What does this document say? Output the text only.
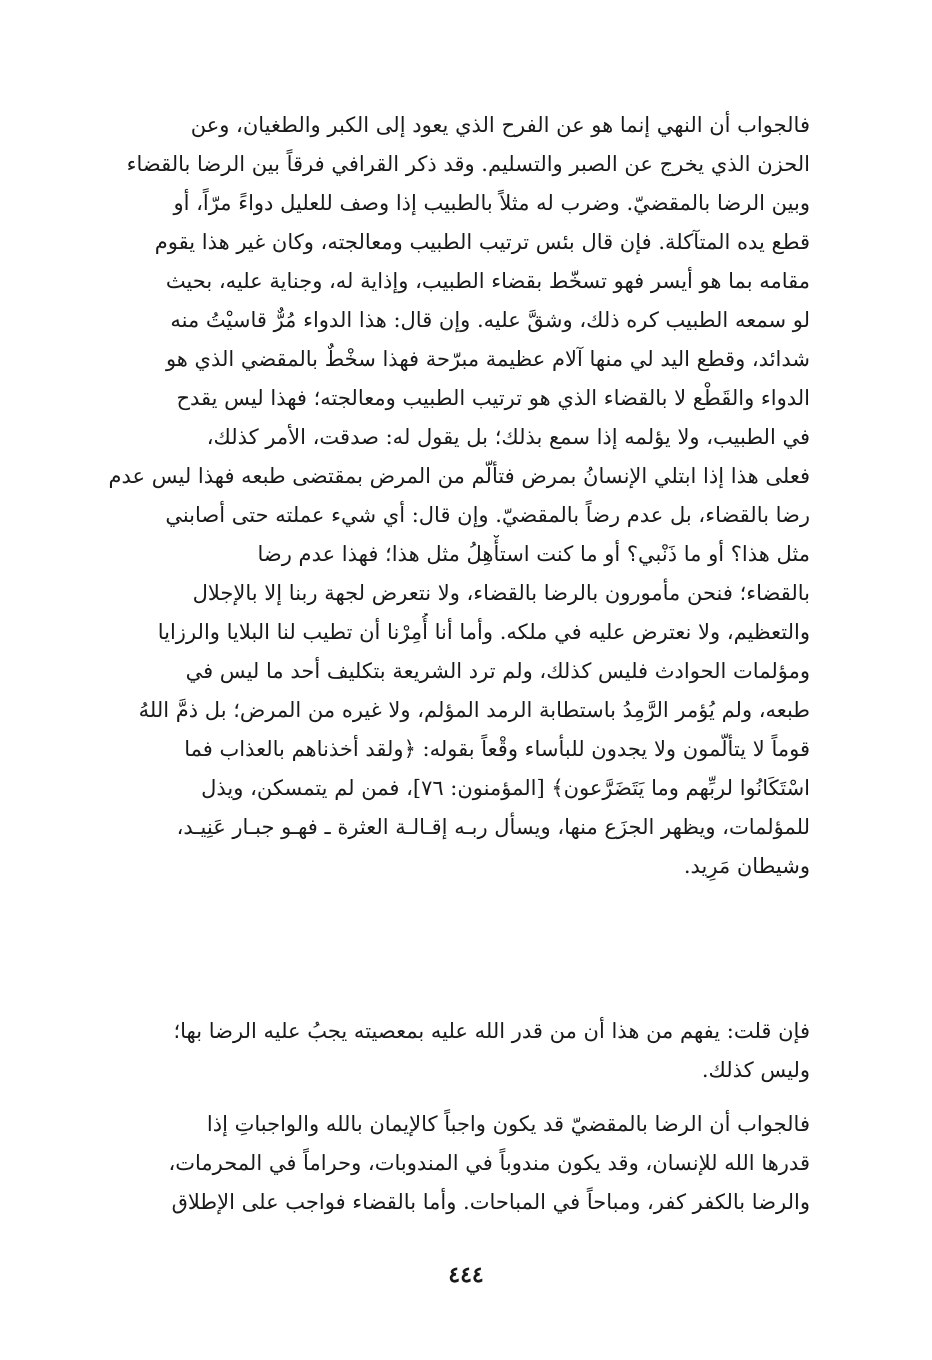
فالجواب أن النهي إنما هو عن الفرح الذي يعود إلى الكبر والطغيان، وعن
الحزن الذي يخرج عن الصبر والتسليم. وقد ذكر القرافي فرقاً بين الرضا بالقضاء
وبين الرضا بالمقضيّ. وضرب له مثلاً بالطبيب إذا وصف للعليل دواءً مرّاً، أو
قطع يده المتآكلة. فإن قال بئس ترتيب الطبيب ومعالجته، وكان غير هذا يقوم
مقامه بما هو أيسر فهو تسخّط بقضاء الطبيب، وإذاية له، وجناية عليه، بحيث
لو سمعه الطبيب كره ذلك، وشقَّ عليه. وإن قال: هذا الدواء مُرٌّ قاسيْتُ منه
شدائد، وقطع اليد لي منها آلام عظيمة مبرّحة فهذا سخْطٌ بالمقضي الذي هو
الدواء والقَطْع لا بالقضاء الذي هو ترتيب الطبيب ومعالجته؛ فهذا ليس يقدح
في الطبيب، ولا يؤلمه إذا سمع بذلك؛ بل يقول له: صدقت، الأمر كذلك،
فعلى هذا إذا ابتلي الإنسانُ بمرض فتألّم من المرض بمقتضى طبعه فهذا ليس عدم
رضا بالقضاء، بل عدم رضاً بالمقضيّ. وإن قال: أي شيء عملته حتى أصابني
مثل هذا؟ أو ما ذَنْبي؟ أو ما كنت استأْهِلُ مثل هذا؛ فهذا عدم رضا
بالقضاء؛ فنحن مأمورون بالرضا بالقضاء، ولا نتعرض لجهة ربنا إلا بالإجلال
والتعظيم، ولا نعترض عليه في ملكه. وأما أنا أُمِرْنا أن تطيب لنا البلايا والرزايا
ومؤلمات الحوادث فليس كذلك، ولم ترد الشريعة بتكليف أحد ما ليس في
طبعه، ولم يُؤمر الرَّمِدُ باستطابة الرمد المؤلم، ولا غيره من المرض؛ بل ذمَّ اللهُ
قوماً لا يتألّمون ولا يجدون للبأساء وقْعاً بقوله: ﴿ولقد أخذناهم بالعذاب فما
اسْتَكَانُوا لربِّهم وما يَتَضَرَّعون﴾ [المؤمنون: ٧٦]، فمن لم يتمسكن، ويذل
للمؤلمات، ويظهر الجزَع منها، ويسأل ربـه إقـالـة العثرة ـ فهـو جبـار عَنِيـد،
وشيطان مَرِيد.
فإن قلت: يفهم من هذا أن من قدر الله عليه بمعصيته يجبُ عليه الرضا بها؛
وليس كذلك.
فالجواب أن الرضا بالمقضيّ قد يكون واجباً كالإيمان بالله والواجباتِ إذا
قدرها الله للإنسان، وقد يكون مندوباً في المندوبات، وحراماً في المحرمات،
والرضا بالكفر كفر، ومباحاً في المباحات. وأما بالقضاء فواجب على الإطلاق
٤٤٤
